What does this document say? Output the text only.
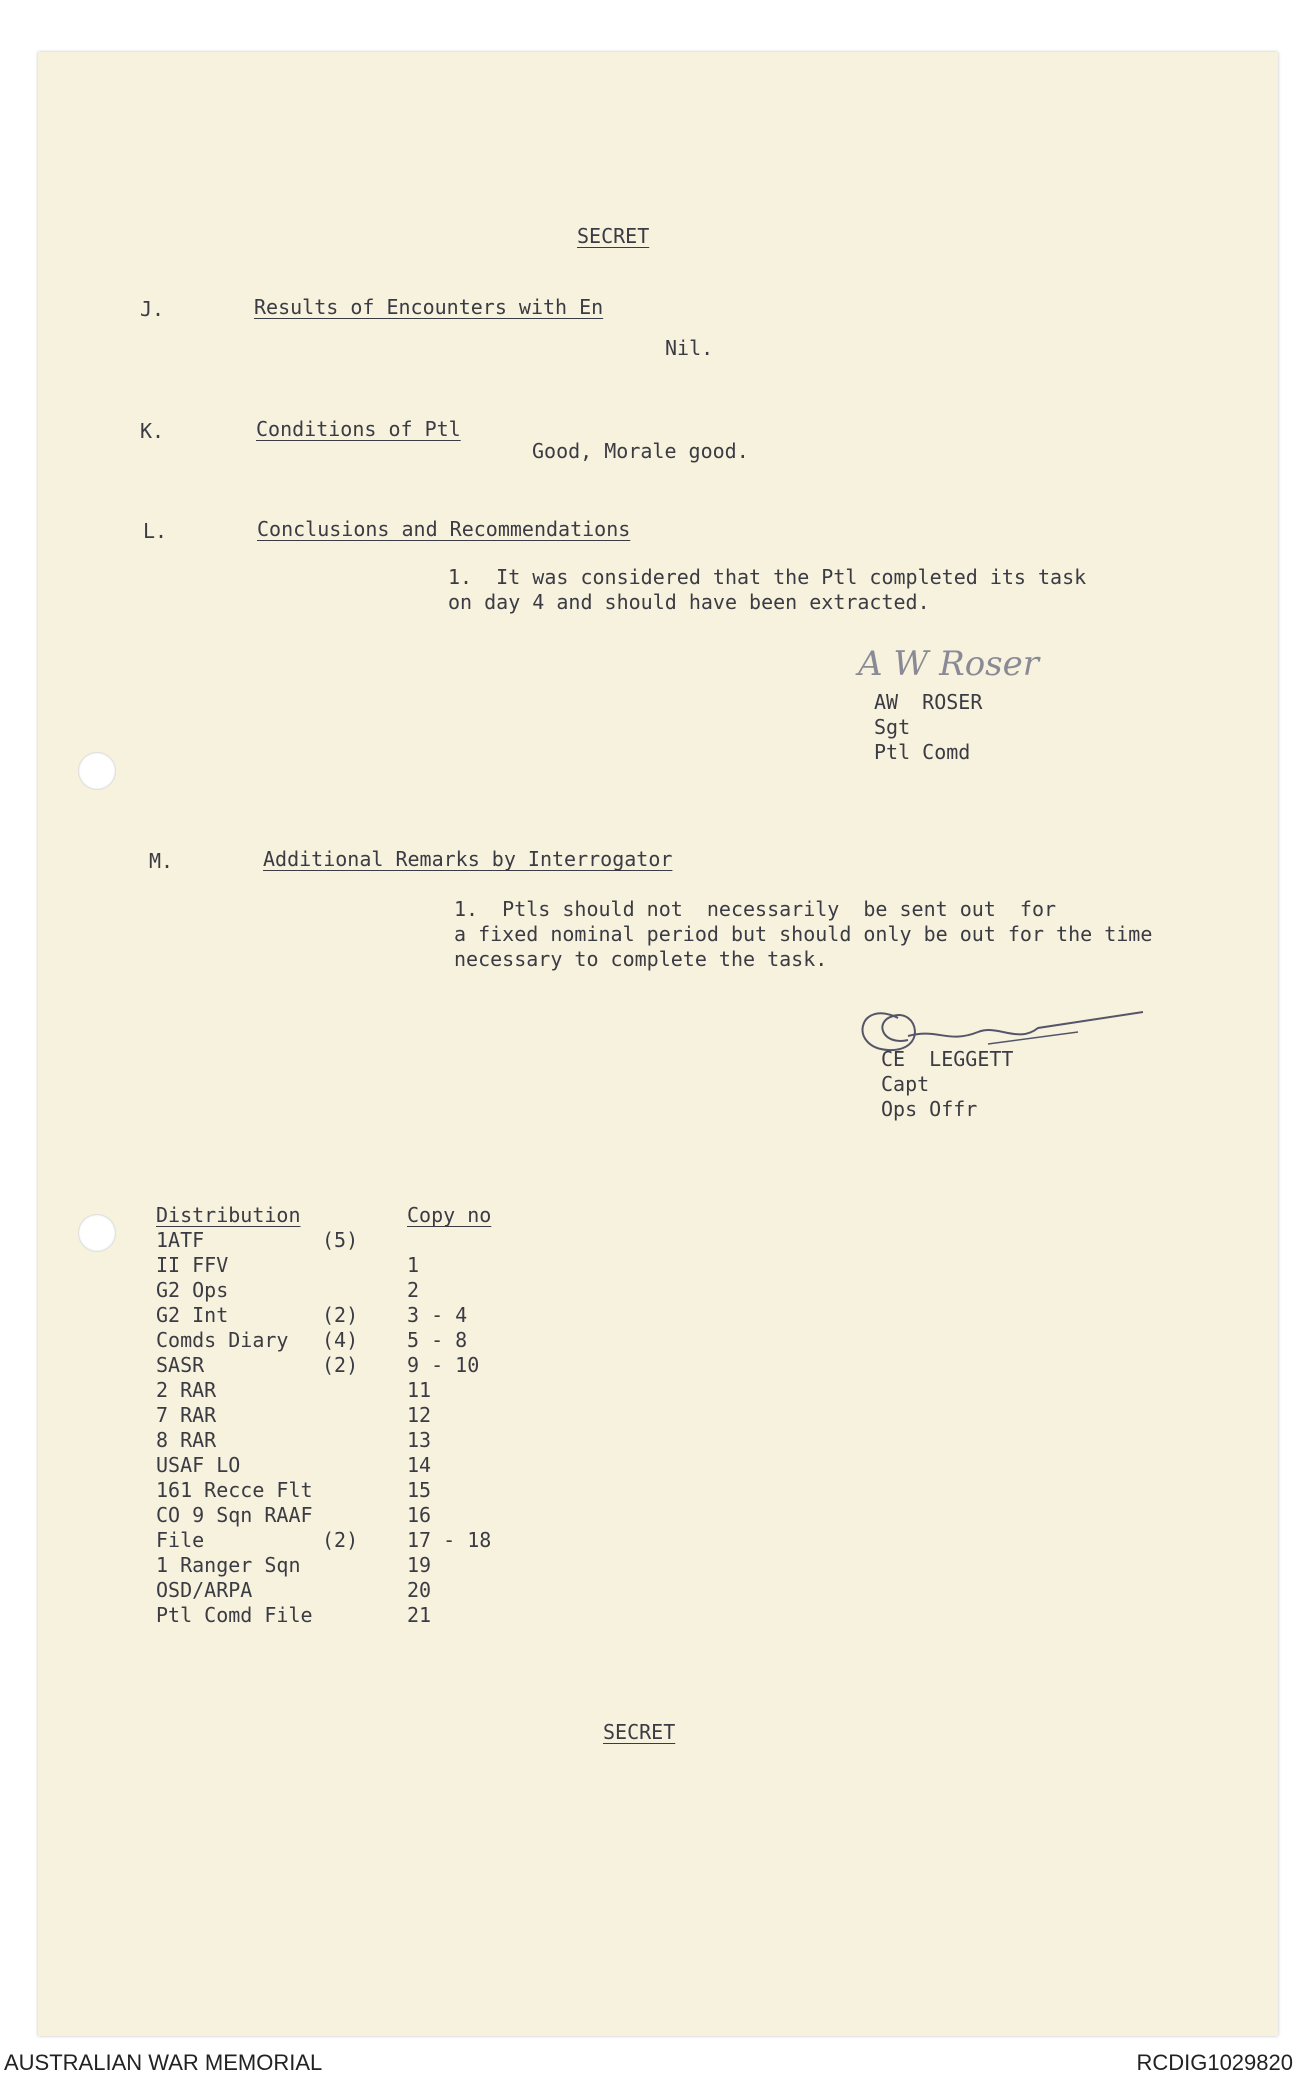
SECRET
J.	Results of Encounters with En
Nil.
K.	Conditions of Ptl
Good, Morale good.
L.	Conclusions and Recommendations
1.  It was considered that the Ptl completed its task
on day 4 and should have been extracted.
A W Roser
AW  ROSER
Sgt
Ptl Comd
M.	Additional Remarks by Interrogator
1.  Ptls should not  necessarily  be sent out  for
a fixed nominal period but should only be out for the time
necessary to complete the task.
CE  LEGGETT
Capt
Ops Offr
Distribution	Copy no
1ATF	(5)
II FFV	1
G2 Ops	2
G2 Int	(2) 3 - 4
Comds Diary (4) 5 - 8
SASR	(2) 9 - 10
2 RAR	11
7 RAR	12
8 RAR	13
USAF LO	14
161 Recce Flt	15
CO 9 Sqn RAAF	16
File	(2) 17 - 18
1 Ranger Sqn	19
OSD/ARPA	20
Ptl Comd File	21
SECRET
AUSTRALIAN WAR MEMORIAL	RCDIG1029820
